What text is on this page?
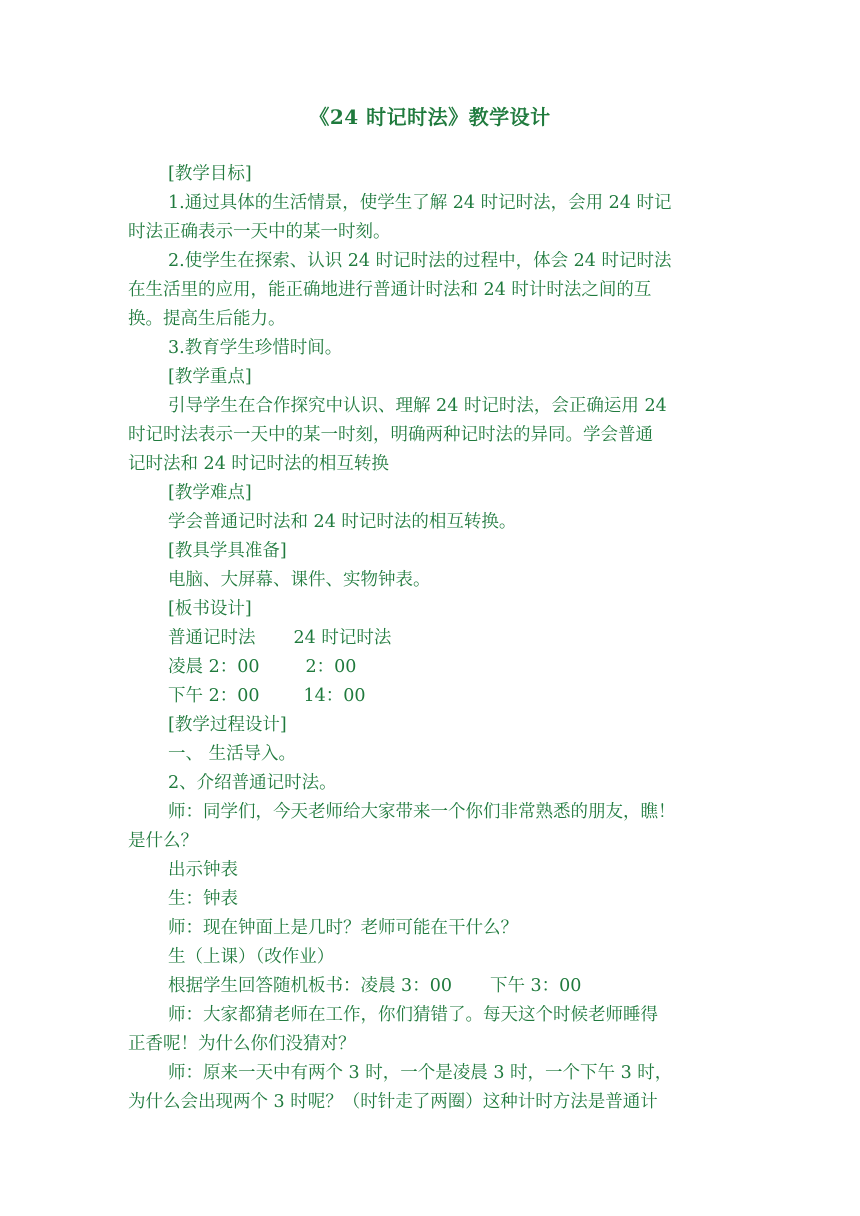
《24 时记时法》教学设计
[教学目标]
1.通过具体的生活情景，使学生了解 24 时记时法，会用 24 时记
时法正确表示一天中的某一时刻。
2.使学生在探索、认识 24 时记时法的过程中，体会 24 时记时法
在生活里的应用，能正确地进行普通计时法和 24 时计时法之间的互
换。提高生后能力。
3.教育学生珍惜时间。
[教学重点]
引导学生在合作探究中认识、理解 24 时记时法，会正确运用 24
时记时法表示一天中的某一时刻，明确两种记时法的异同。学会普通
记时法和 24 时记时法的相互转换
[教学难点]
学会普通记时法和 24 时记时法的相互转换。
[教具学具准备]
电脑、大屏幕、课件、实物钟表。
[板书设计]
普通记时法 24 时记时法
凌晨 2：00	2：00
下午 2：00	14：00
[教学过程设计]
一、 生活导入。
2、介绍普通记时法。
师：同学们，今天老师给大家带来一个你们非常熟悉的朋友，瞧！
是什么？
出示钟表
生：钟表
师：现在钟面上是几时？老师可能在干什么？
生（上课）（改作业）
根据学生回答随机板书：凌晨 3：00 下午 3：00
师：大家都猜老师在工作，你们猜错了。每天这个时候老师睡得
正香呢！为什么你们没猜对？
师：原来一天中有两个 3 时，一个是凌晨 3 时，一个下午 3 时，
为什么会出现两个 3 时呢？（时针走了两圈）这种计时方法是普通计
